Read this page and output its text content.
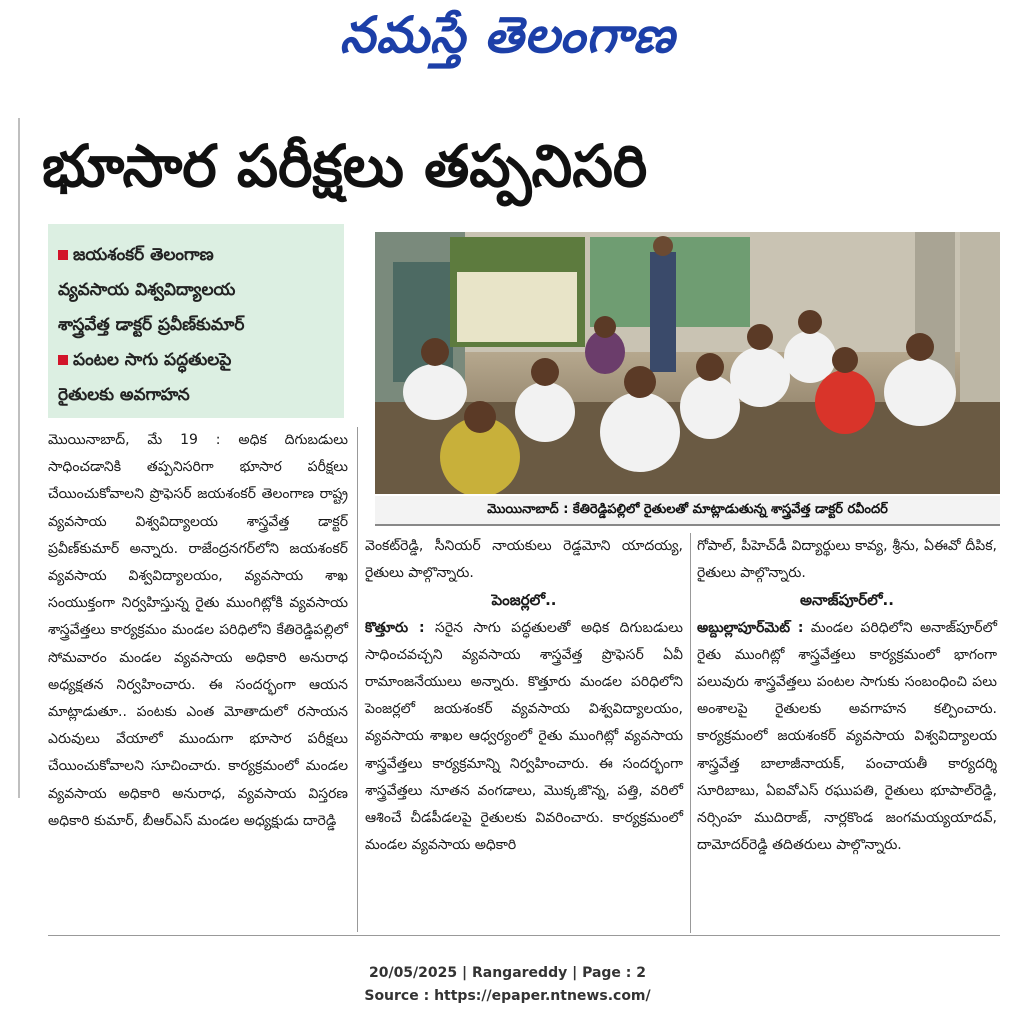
నమస్తే తెలంగాణ
భూసార పరీక్షలు తప్పనిసరి
జయశంకర్ తెలంగాణ
వ్యవసాయ విశ్వవిద్యాలయ
శాస్త్రవేత్త డాక్టర్ ప్రవీణ్‌కుమార్
పంటల సాగు పద్ధతులపై
రైతులకు అవగాహన
మొయినాబాద్ : కేతిరెడ్డిపల్లిలో రైతులతో మాట్లాడుతున్న శాస్త్రవేత్త డాక్టర్ రవీందర్

మొయినాబాద్, మే 19 : అధిక దిగుబడులు సాధించడానికి తప్పనిసరిగా భూసార పరీక్షలు చేయించుకోవాలని ప్రొఫెసర్ జయశంకర్ తెలంగాణ రాష్ట్ర వ్యవసాయ విశ్వవిద్యాలయ శాస్త్రవేత్త డాక్టర్ ప్రవీణ్‌కుమార్ అన్నారు. రాజేంద్రనగర్‌లోని జయశంకర్ వ్యవసాయ విశ్వవిద్యాలయం, వ్యవసాయ శాఖ సంయుక్తంగా నిర్వహిస్తున్న రైతు ముంగిట్లోకి వ్యవసాయ శాస్త్రవేత్తలు కార్యక్రమం మండల పరిధిలోని కేతిరెడ్డిపల్లిలో సోమవారం మండల వ్యవసాయ అధికారి అనురాధ అధ్యక్షతన నిర్వహించారు. ఈ సందర్భంగా ఆయన మాట్లాడుతూ.. పంటకు ఎంత మోతాదులో రసాయన ఎరువులు వేయాలో ముందుగా భూసార పరీక్షలు చేయించుకోవాలని సూచించారు. కార్యక్రమంలో మండల వ్యవసాయ అధికారి అనురాధ, వ్యవసాయ విస్తరణ అధికారి కుమార్, బీఆర్ఎస్ మండల అధ్యక్షుడు దారెడ్డి

వెంకట్‌రెడ్డి, సీనియర్ నాయకులు రెడ్డమోని యాదయ్య, రైతులు పాల్గొన్నారు.

పెంజర్లలో..

కొత్తూరు : సరైన సాగు పద్ధతులతో అధిక దిగుబడులు సాధించవచ్చని వ్యవసాయ శాస్త్రవేత్త ప్రొఫెసర్ ఏవీ రామాంజనేయులు అన్నారు. కొత్తూరు మండల పరిధిలోని పెంజర్లలో జయశంకర్ వ్యవసాయ విశ్వవిద్యాలయం, వ్యవసాయ శాఖల ఆధ్వర్యంలో రైతు ముంగిట్లో వ్యవసాయ శాస్త్రవేత్తలు కార్యక్రమాన్ని నిర్వహించారు. ఈ సందర్భంగా శాస్త్రవేత్తలు నూతన వంగడాలు, మొక్కజొన్న, పత్తి, వరిలో ఆశించే చీడపీడలపై రైతులకు వివరించారు. కార్యక్రమంలో మండల వ్యవసాయ అధికారి

గోపాల్, పీహెచ్‌డీ విద్యార్థులు కావ్య, శ్రీను, ఏఈవో దీపిక, రైతులు పాల్గొన్నారు.

అనాజ్‌పూర్‌లో..

అబ్దుల్లాపూర్‌మెట్ : మండల పరిధిలోని అనాజ్‌పూర్‌లో రైతు ముంగిట్లో శాస్త్రవేత్తలు కార్యక్రమంలో భాగంగా పలువురు శాస్త్రవేత్తలు పంటల సాగుకు సంబంధించి పలు అంశాలపై రైతులకు అవగాహన కల్పించారు. కార్యక్రమంలో జయశంకర్ వ్యవసాయ విశ్వవిద్యాలయ శాస్త్రవేత్త బాలాజీనాయక్, పంచాయతీ కార్యదర్శి సూరిబాబు, ఏఐవోఎస్ రఘుపతి, రైతులు భూపాల్‌రెడ్డి, నర్సింహ ముదిరాజ్, నార్లకొండ జంగమయ్యయాదవ్, దామోదర్‌రెడ్డి తదితరులు పాల్గొన్నారు.

20/05/2025 | Rangareddy | Page : 2
Source : https://epaper.ntnews.com/
